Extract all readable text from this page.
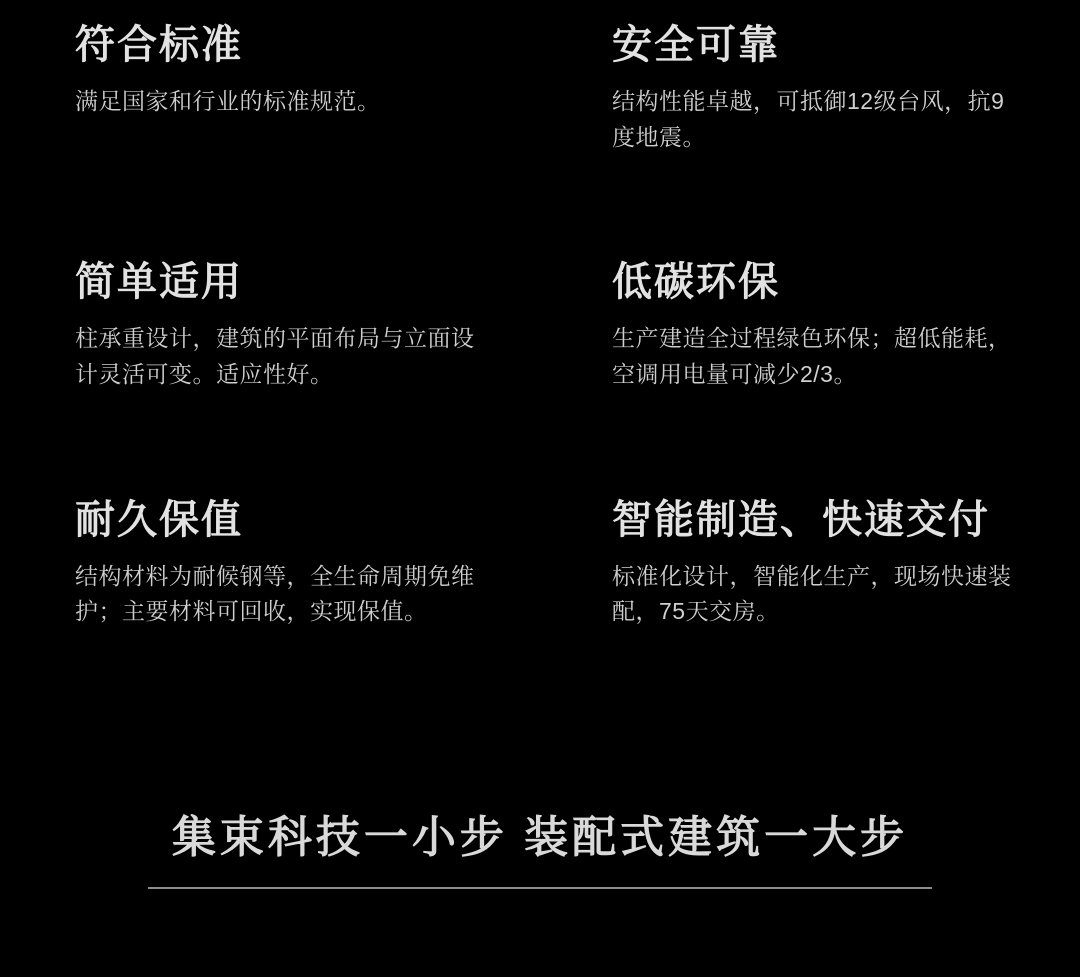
符合标准

满足国家和行业的标准规范。

安全可靠

结构性能卓越，可抵御12级台风，抗9度地震。

简单适用

柱承重设计，建筑的平面布局与立面设计灵活可变。适应性好。

低碳环保

生产建造全过程绿色环保；超低能耗，空调用电量可减少2/3。

耐久保值

结构材料为耐候钢等，全生命周期免维护；主要材料可回收，实现保值。

智能制造、快速交付

标准化设计，智能化生产，现场快速装配，75天交房。

集束科技一小步 装配式建筑一大步
